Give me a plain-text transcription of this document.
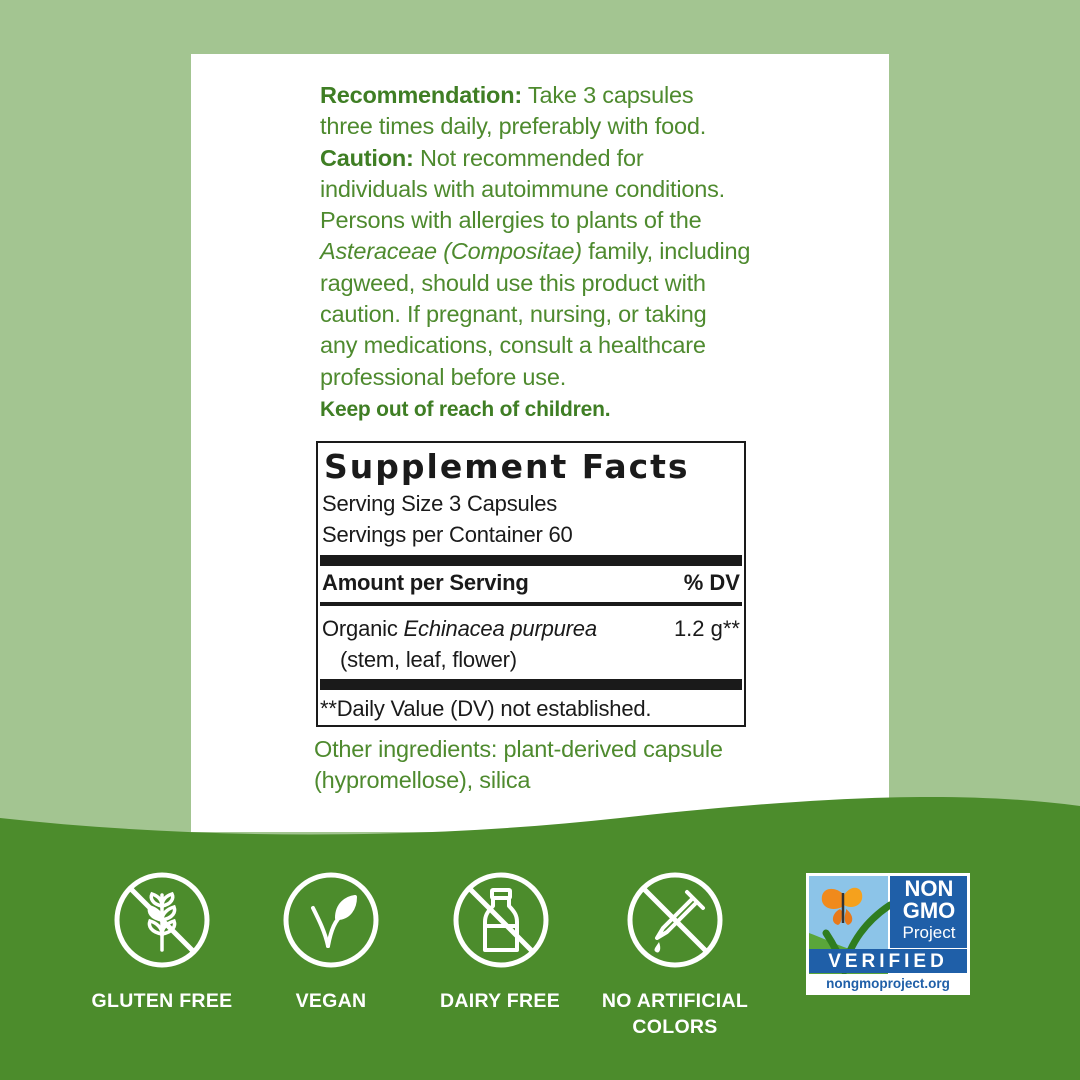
Recommendation: Take 3 capsules

three times daily, preferably with food.

Caution: Not recommended for

individuals with autoimmune conditions.

Persons with allergies to plants of the

Asteraceae (Compositae) family, including

ragweed, should use this product with

caution. If pregnant, nursing, or taking

any medications, consult a healthcare

professional before use.

Keep out of reach of children.
Supplement Facts
Serving Size 3 Capsules
Servings per Container 60
Amount per Serving	% DV
Organic Echinacea purpurea	1.2 g**
(stem, leaf, flower)
**Daily Value (DV) not established.
Other ingredients: plant-derived capsule
(hypromellose), silica
GLUTEN FREE	VEGAN	DAIRY FREE	NO ARTIFICIAL
COLORS
NON
GMO
Project
VERIFIED
nongmoproject.org
